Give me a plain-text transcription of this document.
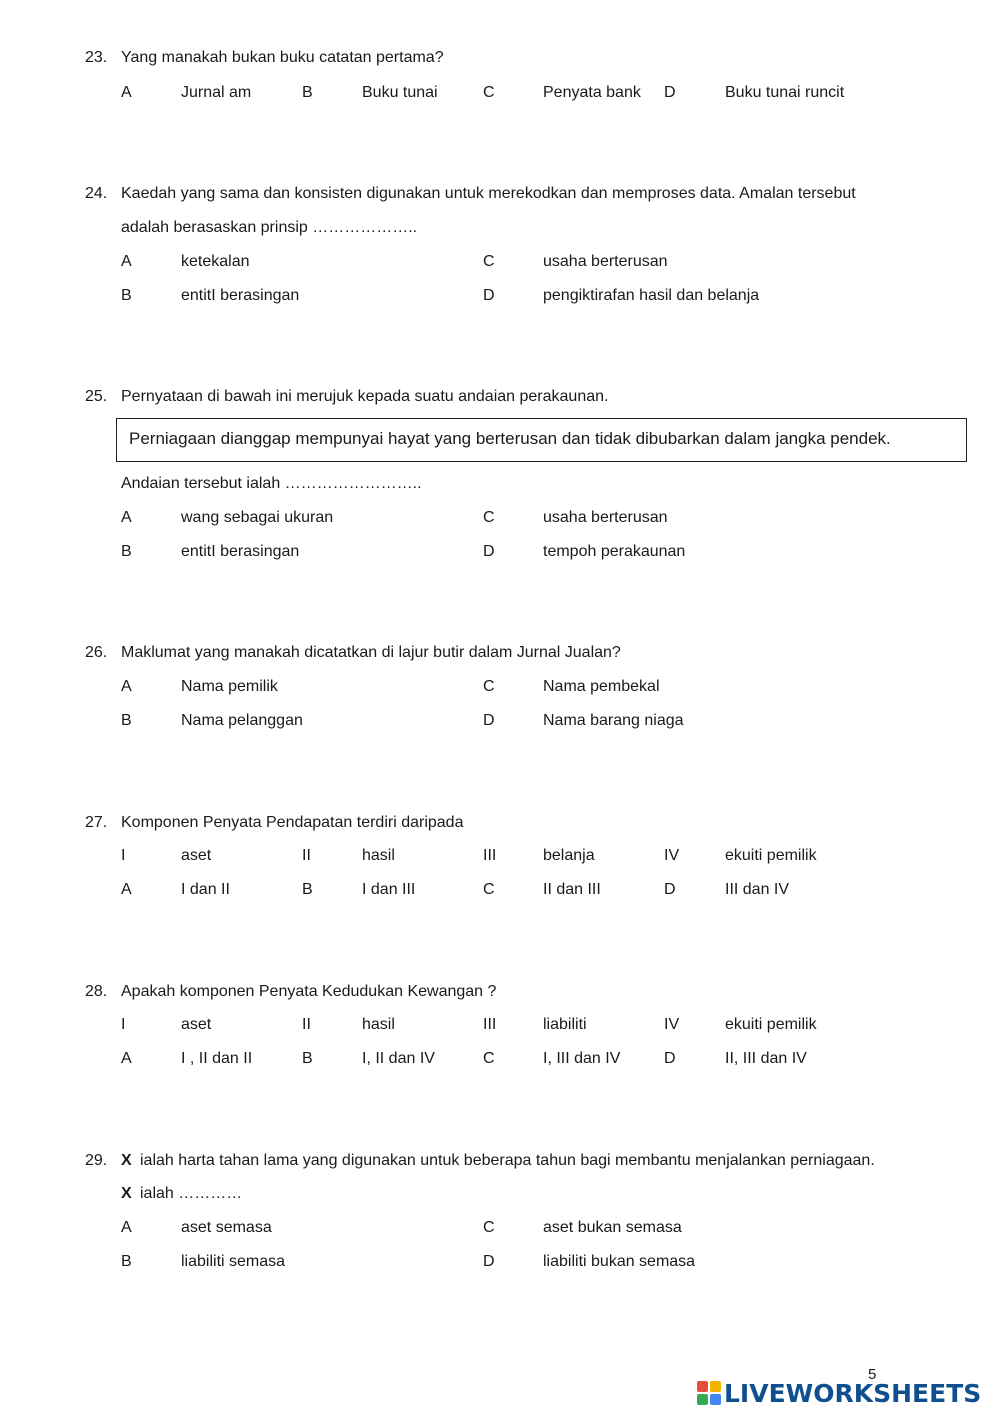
23. Yang manakah bukan buku catatan pertama?
A	Jurnal am	B	Buku tunai	C	Penyata bank D	Buku tunai runcit
24. Kaedah yang sama dan konsisten digunakan untuk merekodkan dan memproses data. Amalan tersebut
adalah berasaskan prinsip ………………..
A	ketekalan	C	usaha berterusan
B	entitI berasingan	D	pengiktirafan hasil dan belanja
25. Pernyataan di bawah ini merujuk kepada suatu andaian perakaunan.
Perniagaan dianggap mempunyai hayat yang berterusan dan tidak dibubarkan dalam jangka pendek.
Andaian tersebut ialah ……………………..
A	wang sebagai ukuran	C	usaha berterusan
B	entitI berasingan	D	tempoh perakaunan
26. Maklumat yang manakah dicatatkan di lajur butir dalam Jurnal Jualan?
A	Nama pemilik	C	Nama pembekal
B	Nama pelanggan	D	Nama barang niaga
27. Komponen Penyata Pendapatan terdiri daripada
I	aset	II	hasil	III	belanja	IV	ekuiti pemilik
A	I dan II	B	I dan III	C	II dan III	D	III dan IV
28. Apakah komponen Penyata Kedudukan Kewangan ?
I	aset	II	hasil	III	liabiliti	IV	ekuiti pemilik
A	I , II dan II	B	I, II dan IV	C	I, III dan IV	D	II, III dan IV
29. X ialah harta tahan lama yang digunakan untuk beberapa tahun bagi membantu menjalankan perniagaan.
X ialah …………
A	aset semasa	C	aset bukan semasa
B	liabiliti semasa	D	liabiliti bukan semasa
5
LIVEWORKSHEETS
